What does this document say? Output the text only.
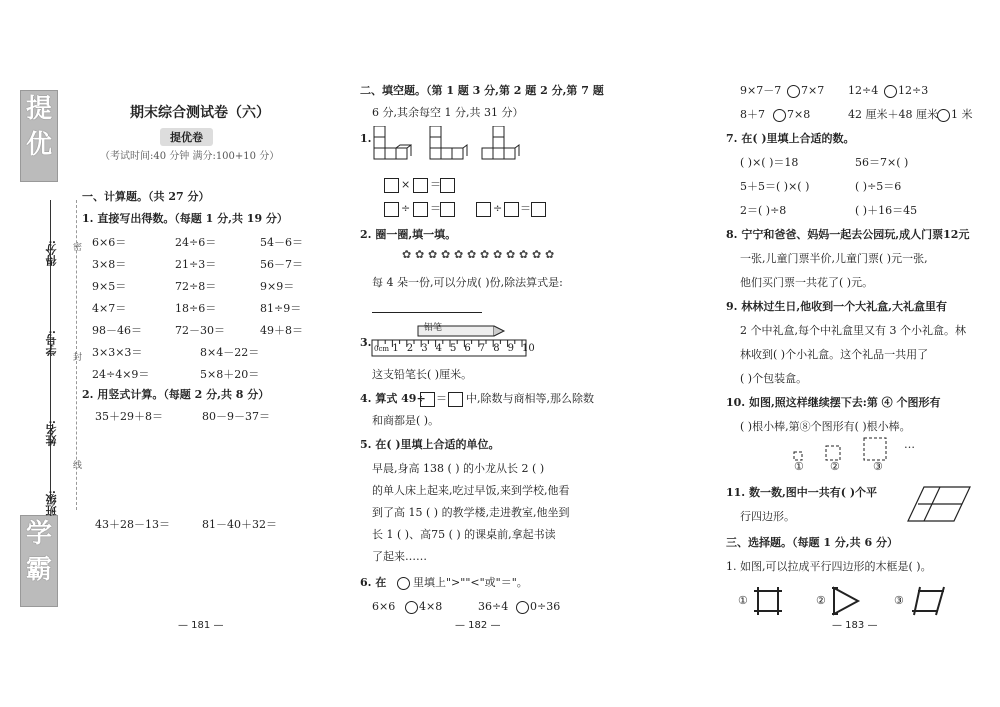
提优
学霸
得分:
学号:
姓名:
班级:
密
封
线
期末综合测试卷（六）
提优卷
（考试时间:40 分钟 满分:100+10 分）
一、计算题。（共 27 分）
1. 直接写出得数。（每题 1 分,共 19 分）
6×6＝	24÷6＝	54－6＝
3×8＝	21÷3＝	56－7＝
9×5＝	72÷8＝	9×9＝
4×7＝	18÷6＝	81÷9＝
98－46＝	72－30＝	49＋8＝
3×3×3＝	8×4－22＝
24÷4×9＝	5×8＋20＝
2. 用竖式计算。（每题 2 分,共 8 分）
35＋29＋8＝	80－9－37＝
43＋28－13＝	81－40＋32＝
— 181 —
二、填空题。（第 1 题 3 分,第 2 题 2 分,第 7 题
6 分,其余每空 1 分,共 31 分）
1.
× ＝
÷ ＝	÷ ＝
2. 圈一圈,填一填。
✿ ✿ ✿ ✿ ✿ ✿ ✿ ✿ ✿ ✿ ✿ ✿
每 4 朵一份,可以分成( )份,除法算式是:
3.
铅笔
0cm 1 2 3 4 5 6 7 8 9 10
这支铅笔长( )厘米。
4. 算式 49÷ ＝ 中,除数与商相等,那么除数
和商都是( )。
5. 在( )里填上合适的单位。
早晨,身高 138 ( ) 的小龙从长 2 ( )
的单人床上起来,吃过早饭,来到学校,他看
到了高 15 ( ) 的教学楼,走进教室,他坐到
长 1 ( )、高75 ( ) 的课桌前,拿起书读
了起来……
6. 在 里填上">""<"或"＝"。
6×6 4×8	36÷4 0÷36
— 182 —
9×7－7 7×7 12÷4 12÷3
8＋7 7×8	42 厘米＋48 厘米 1 米
7. 在( )里填上合适的数。
( )×( )＝18	56＝7×( )
5＋5＝( )×( )	( )÷5＝6
2＝( )÷8	( )＋16＝45
8. 宁宁和爸爸、妈妈一起去公园玩,成人门票12元
一张,儿童门票半价,儿童门票( )元一张,
他们买门票一共花了( )元。
9. 林林过生日,他收到一个大礼盒,大礼盒里有
2 个中礼盒,每个中礼盒里又有 3 个小礼盒。林
林收到( )个小礼盒。这个礼品一共用了
( )个包装盒。
10. 如图,照这样继续摆下去:第 ④ 个图形有
( )根小棒,第⑧个图形有( )根小棒。
① ②	③
…
11. 数一数,图中一共有( )个平
行四边形。
三、选择题。（每题 1 分,共 6 分）
1. 如图,可以拉成平行四边形的木框是( )。
①	②	③
— 183 —
